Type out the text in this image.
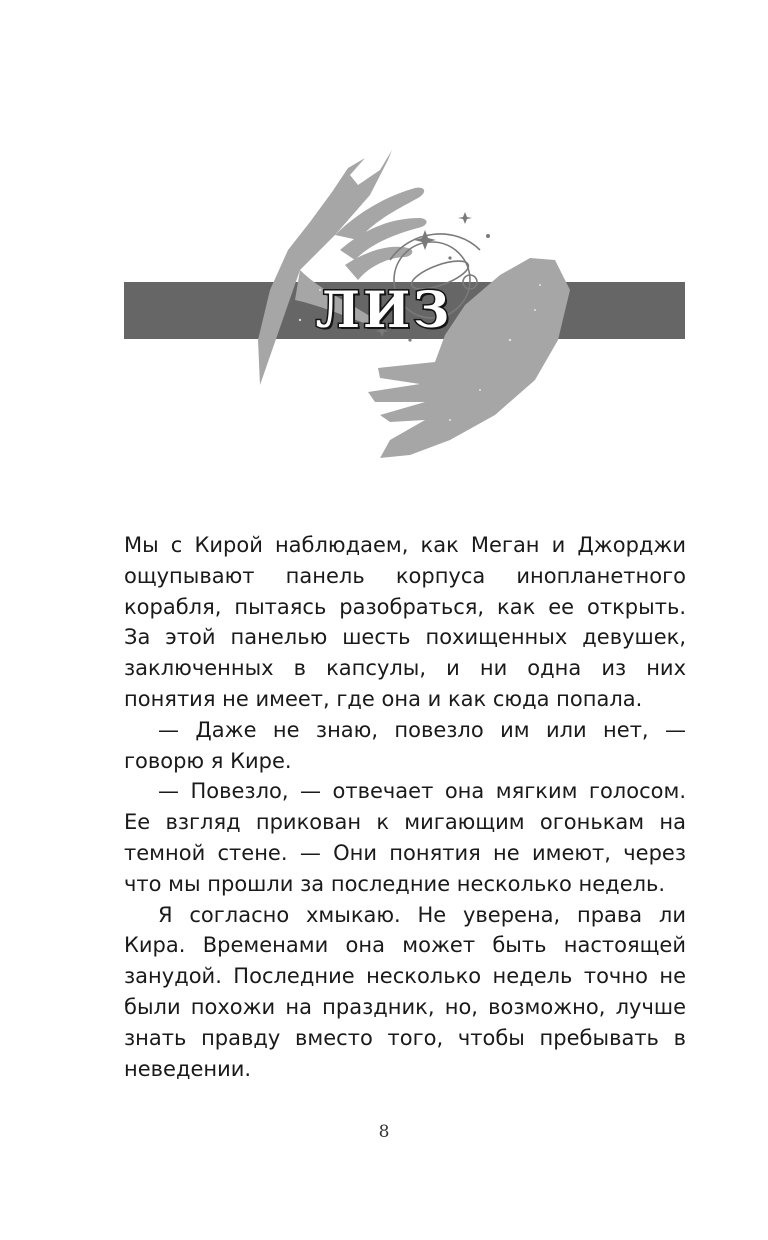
ЛИЗ

Мы с Кирой наблюдаем, как Меган и Джорджи ощупывают панель корпуса инопланетного корабля, пытаясь разобраться, как ее открыть. За этой панелью шесть похищенных девушек, заключенных в капсулы, и ни одна из них понятия не имеет, где она и как сюда попала.

— Даже не знаю, повезло им или нет, — говорю я Кире.

— Повезло, — отвечает она мягким голосом. Ее взгляд прикован к мигающим огонькам на темной стене. — Они понятия не имеют, через что мы прошли за последние несколько недель.

Я согласно хмыкаю. Не уверена, права ли Кира. Временами она может быть настоящей занудой. Последние несколько недель точно не были похожи на праздник, но, возможно, лучше знать правду вместо того, чтобы пребывать в неведении.

8
